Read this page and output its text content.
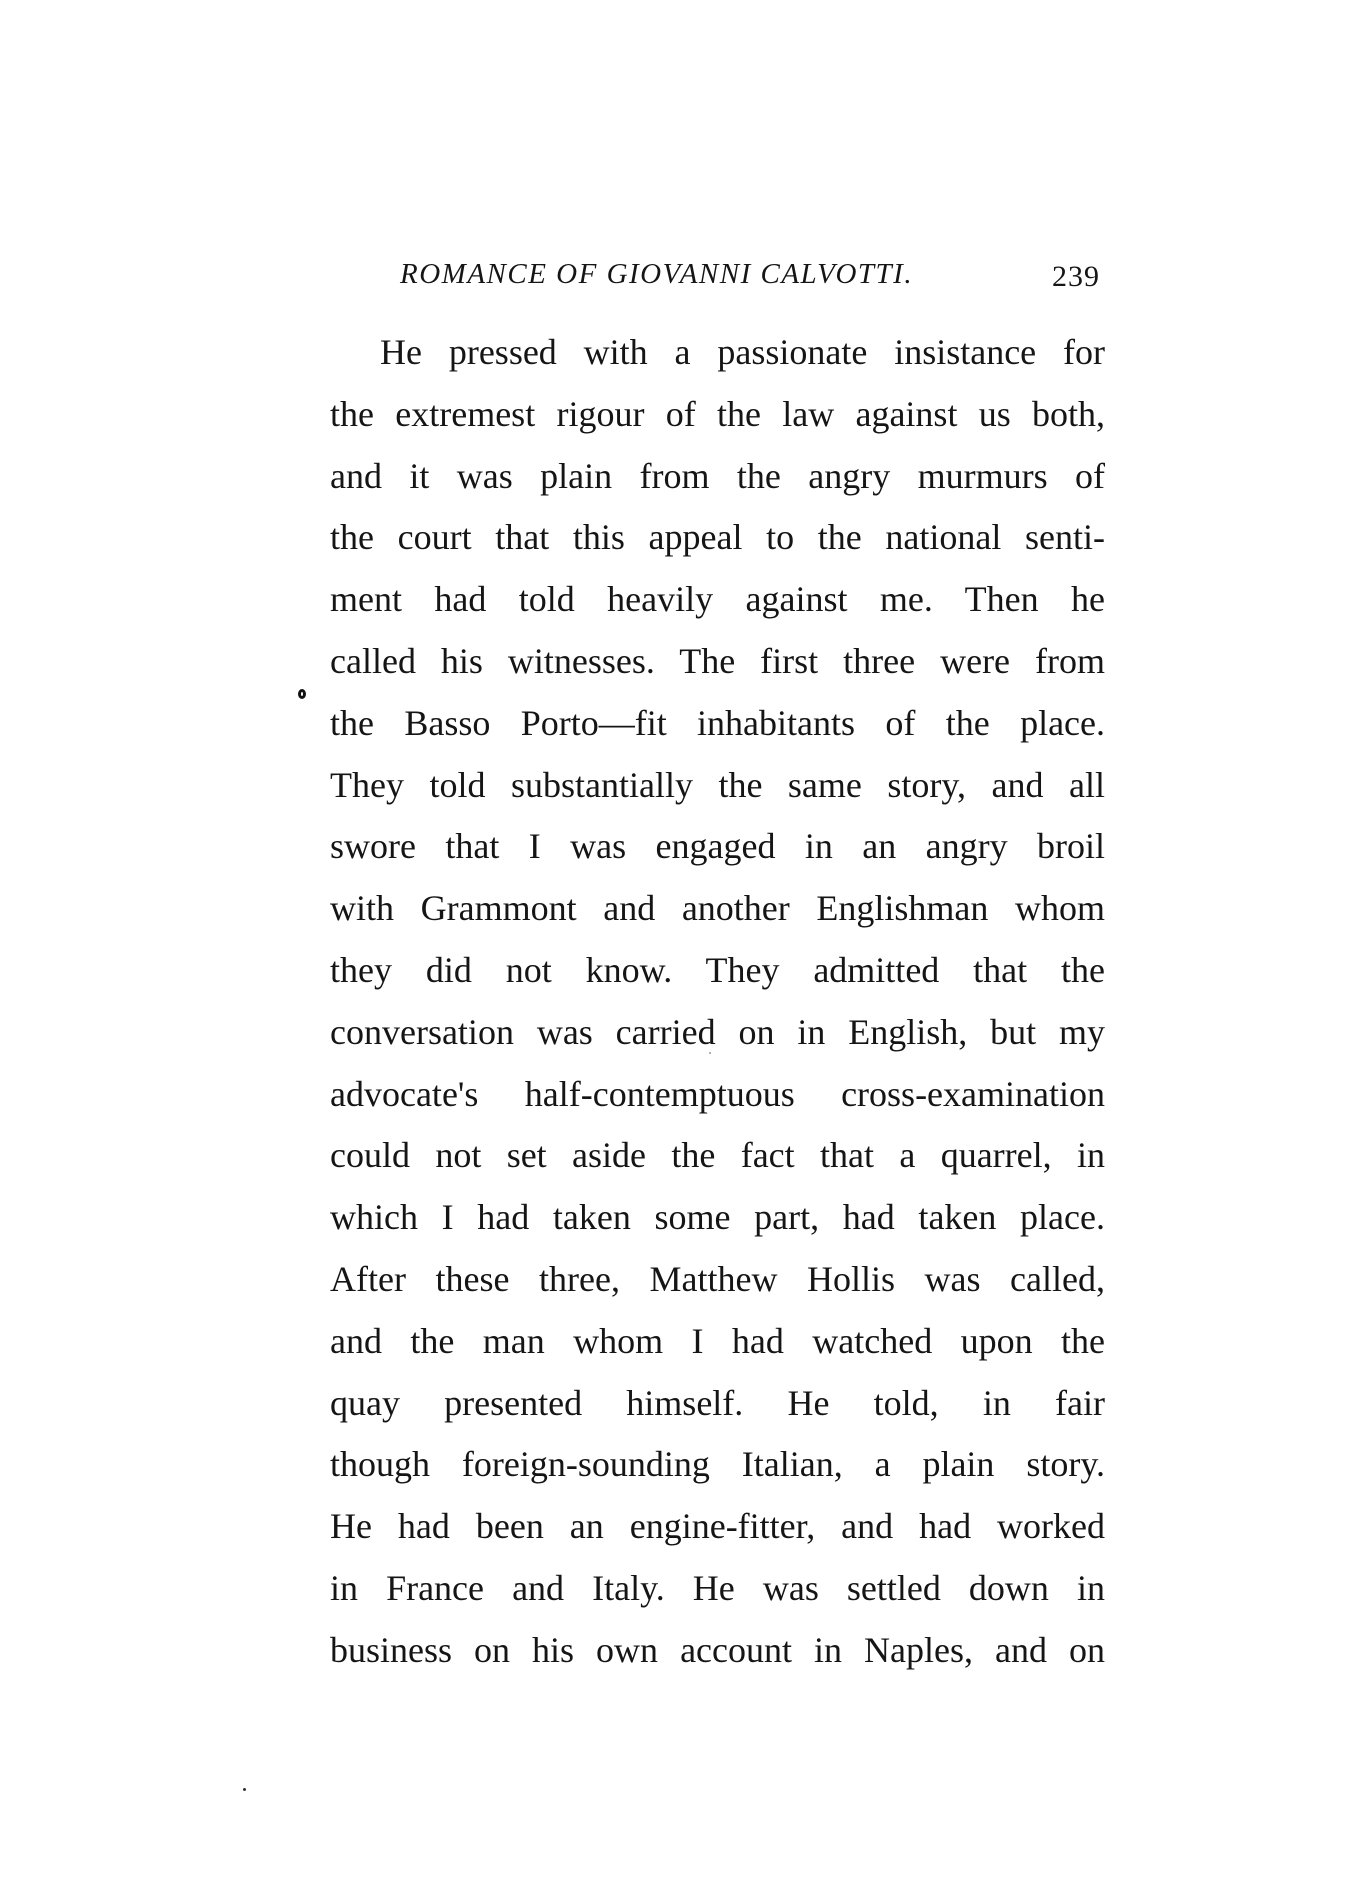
ROMANCE OF GIOVANNI CALVOTTI.	239
He pressed with a passionate insistance for
the extremest rigour of the law against us both,
and it was plain from the angry murmurs of
the court that this appeal to the national senti-
ment had told heavily against me. Then he
called his witnesses. The first three were from
the Basso Porto—fit inhabitants of the place.
They told substantially the same story, and all
swore that I was engaged in an angry broil
with Grammont and another Englishman whom
they did not know. They admitted that the
conversation was carried on in English, but my
advocate's half-contemptuous cross-examination
could not set aside the fact that a quarrel, in
which I had taken some part, had taken place.
After these three, Matthew Hollis was called,
and the man whom I had watched upon the
quay presented himself. He told, in fair
though foreign-sounding Italian, a plain story.
He had been an engine-fitter, and had worked
in France and Italy. He was settled down in
business on his own account in Naples, and on
